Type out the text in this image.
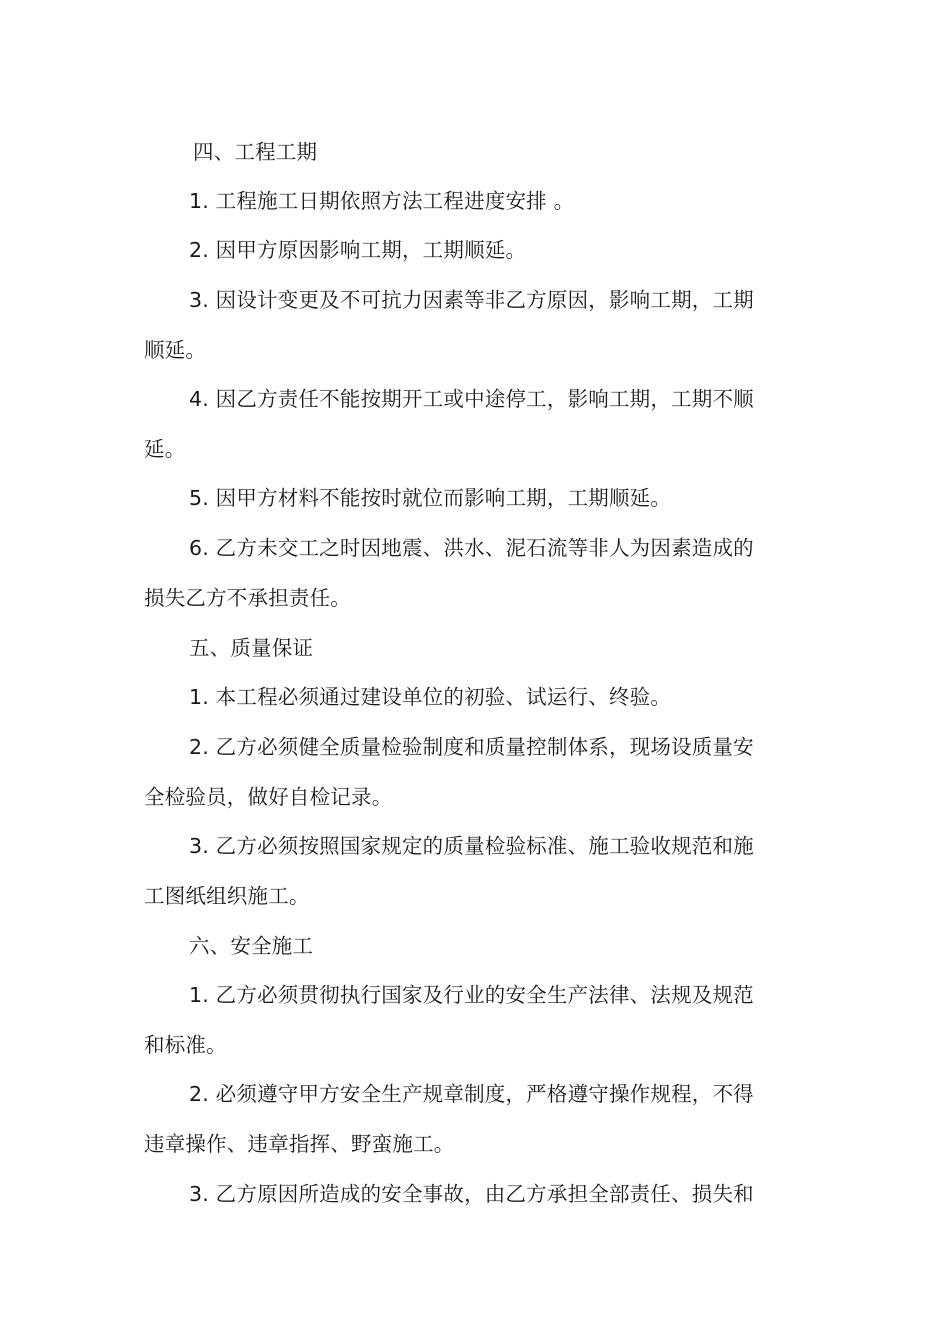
四、工程工期
1. 工程施工日期依照方法工程进度安排 。
2. 因甲方原因影响工期，工期顺延。
3. 因设计变更及不可抗力因素等非乙方原因，影响工期，工期
顺延。
4. 因乙方责任不能按期开工或中途停工，影响工期，工期不顺
延。
5. 因甲方材料不能按时就位而影响工期，工期顺延。
6. 乙方未交工之时因地震、洪水、泥石流等非人为因素造成的
损失乙方不承担责任。
五、质量保证
1. 本工程必须通过建设单位的初验、试运行、终验。
2. 乙方必须健全质量检验制度和质量控制体系，现场设质量安
全检验员，做好自检记录。
3. 乙方必须按照国家规定的质量检验标准、施工验收规范和施
工图纸组织施工。
六、安全施工
1. 乙方必须贯彻执行国家及行业的安全生产法律、法规及规范
和标准。
2. 必须遵守甲方安全生产规章制度，严格遵守操作规程，不得
违章操作、违章指挥、野蛮施工。
3. 乙方原因所造成的安全事故，由乙方承担全部责任、损失和
